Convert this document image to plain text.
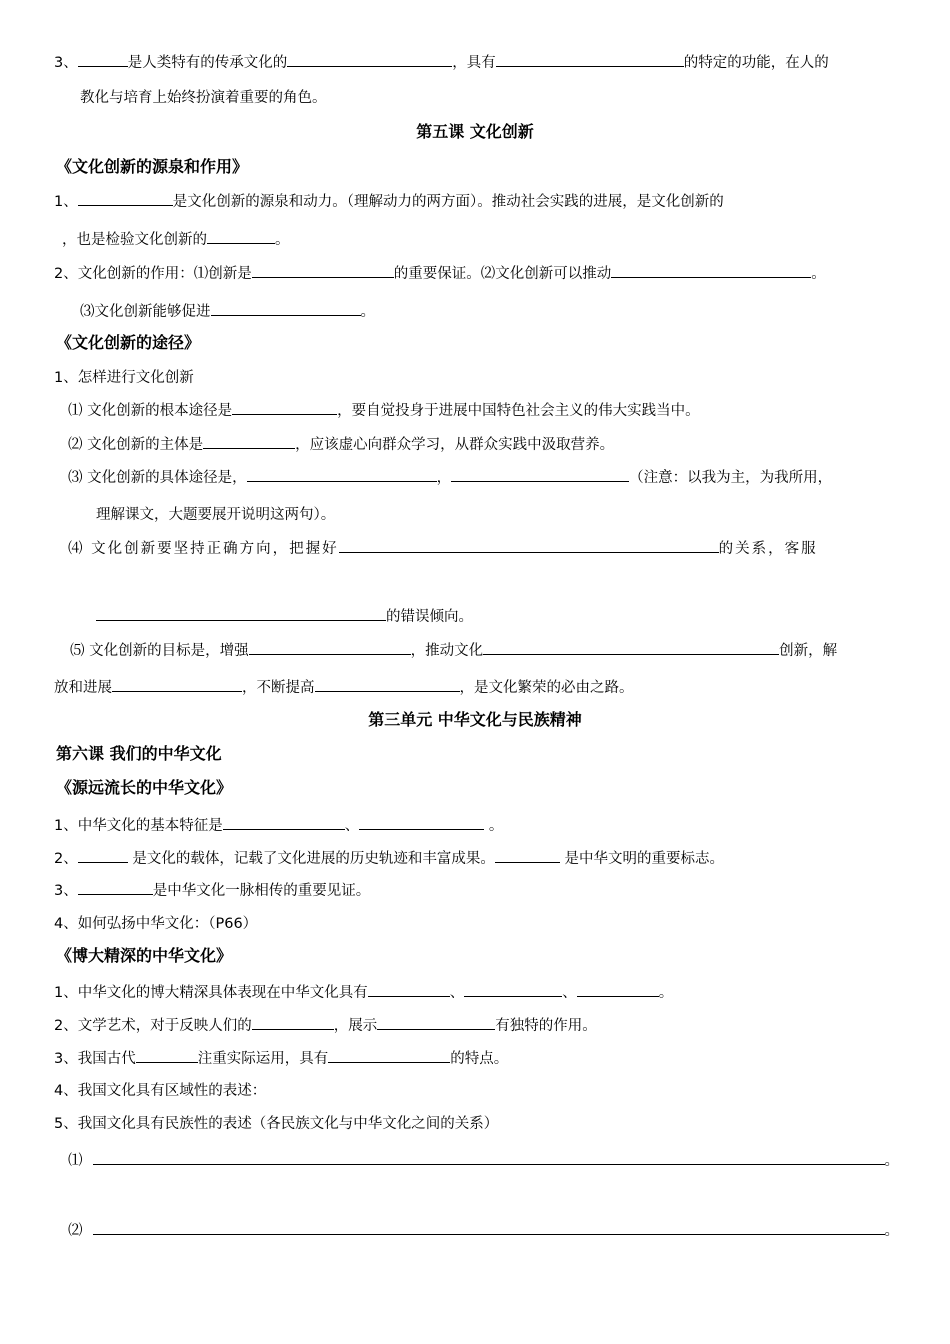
3、	是人类特有的传承文化的	，具有	的特定的功能，在人的
教化与培育上始终扮演着重要的角色。
第五课 文化创新
《文化创新的源泉和作用》
1、	是文化创新的源泉和动力。（理解动力的两方面）。推动社会实践的进展，是文化创新的
，也是检验文化创新的	。
2、文化创新的作用：⑴创新是	的重要保证。⑵文化创新可以推动	。
⑶文化创新能够促进	。
《文化创新的途径》
1、怎样进行文化创新
⑴ 文化创新的根本途径是	，要自觉投身于进展中国特色社会主义的伟大实践当中。
⑵ 文化创新的主体是	，应该虚心向群众学习，从群众实践中汲取营养。
⑶ 文化创新的具体途径是，	，	（注意：以我为主，为我所用，
理解课文，大题要展开说明这两句）。
⑷ 文化创新要坚持正确方向，把握好	的关系，客服
的错误倾向。
⑸ 文化创新的目标是，增强	，推动文化	创新，解
放和进展	，不断提高	，是文化繁荣的必由之路。
第三单元 中华文化与民族精神
第六课 我们的中华文化
《源远流长的中华文化》
1、中华文化的基本特征是	、	。
2、	是文化的载体，记载了文化进展的历史轨迹和丰富成果。	是中华文明的重要标志。
3、	是中华文化一脉相传的重要见证。
4、如何弘扬中华文化：（P66）
《博大精深的中华文化》
1、中华文化的博大精深具体表现在中华文化具有	、	、	。
2、文学艺术，对于反映人们的	，展示	有独特的作用。
3、我国古代	注重实际运用，具有	的特点。
4、我国文化具有区域性的表述：
5、我国文化具有民族性的表述（各民族文化与中华文化之间的关系）
⑴	。
⑵	。
